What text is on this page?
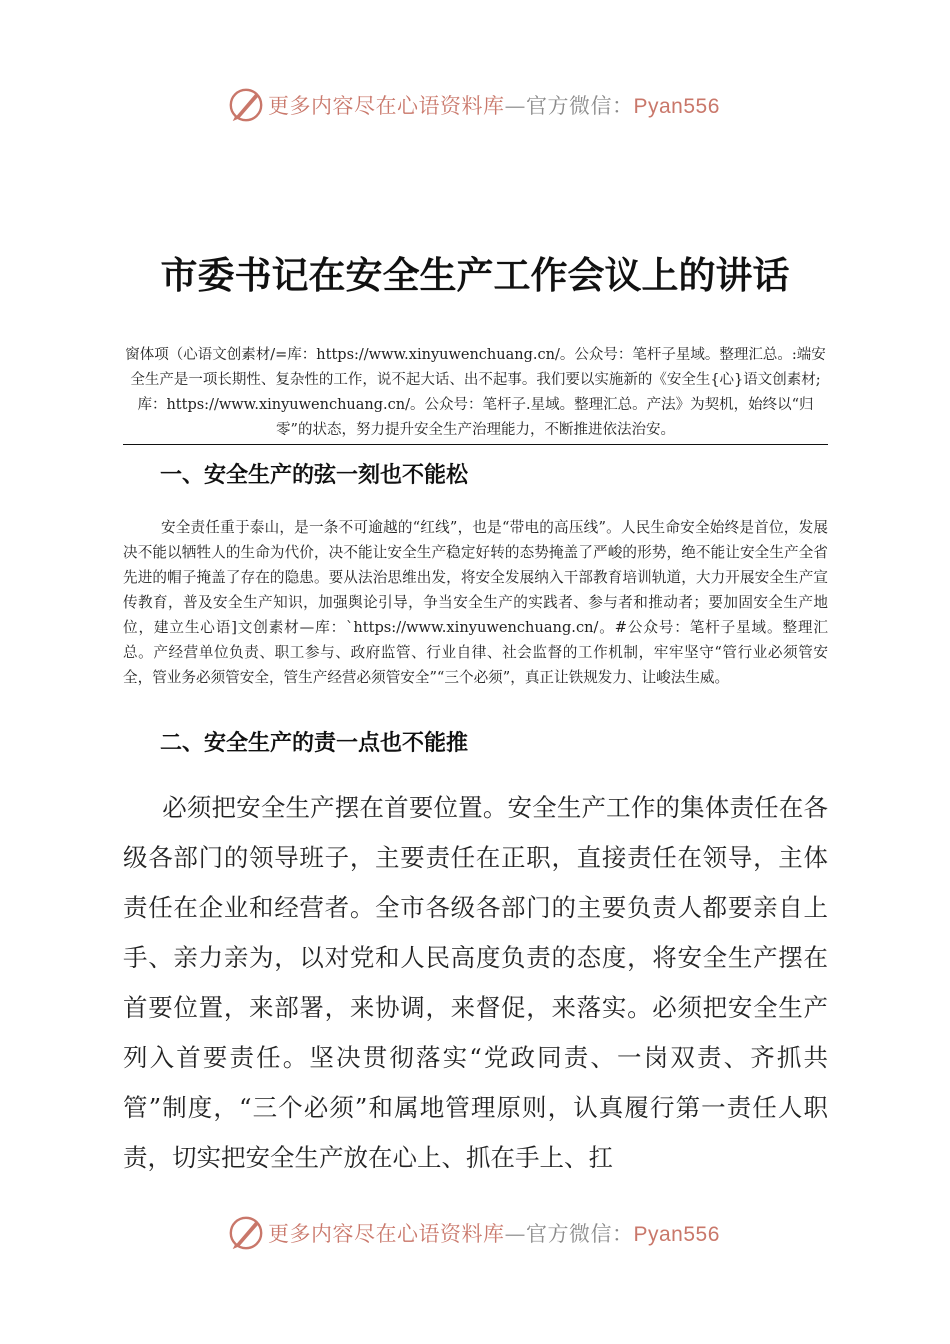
更多内容尽在心语资料库—官方微信：Pyan556
市委书记在安全生产工作会议上的讲话
窗体项（心语文创素材/=库：https://www.xinyuwenchuang.cn/。公众号：笔杆子星域。整理汇总。:端安全生产是一项长期性、复杂性的工作，说不起大话、出不起事。我们要以实施新的《安全生{心}语文创素材;库：https://www.xinyuwenchuang.cn/。公众号：笔杆子.星域。整理汇总。产法》为契机，始终以“归零”的状态，努力提升安全生产治理能力，不断推进依法治安。
一、安全生产的弦一刻也不能松
安全责任重于泰山，是一条不可逾越的“红线”，也是“带电的高压线”。人民生命安全始终是首位，发展决不能以牺牲人的生命为代价，决不能让安全生产稳定好转的态势掩盖了严峻的形势，绝不能让安全生产全省先进的帽子掩盖了存在的隐患。要从法治思维出发，将安全发展纳入干部教育培训轨道，大力开展安全生产宣传教育，普及安全生产知识，加强舆论引导，争当安全生产的实践者、参与者和推动者；要加固安全生产地位，建立生心语]文创素材—库：`https://www.xinyuwenchuang.cn/。#公众号：笔杆子星域。整理汇总。产经营单位负责、职工参与、政府监管、行业自律、社会监督的工作机制，牢牢坚守“管行业必须管安全，管业务必须管安全，管生产经营必须管安全”“三个必须”，真正让铁规发力、让峻法生威。
二、安全生产的责一点也不能推
必须把安全生产摆在首要位置。安全生产工作的集体责任在各级各部门的领导班子，主要责任在正职，直接责任在领导，主体责任在企业和经营者。全市各级各部门的主要负责人都要亲自上手、亲力亲为，以对党和人民高度负责的态度，将安全生产摆在首要位置，来部署，来协调，来督促，来落实。必须把安全生产列入首要责任。坚决贯彻落实“党政同责、一岗双责、齐抓共管”制度，“三个必须”和属地管理原则，认真履行第一责任人职责，切实把安全生产放在心上、抓在手上、扛
更多内容尽在心语资料库—官方微信：Pyan556
